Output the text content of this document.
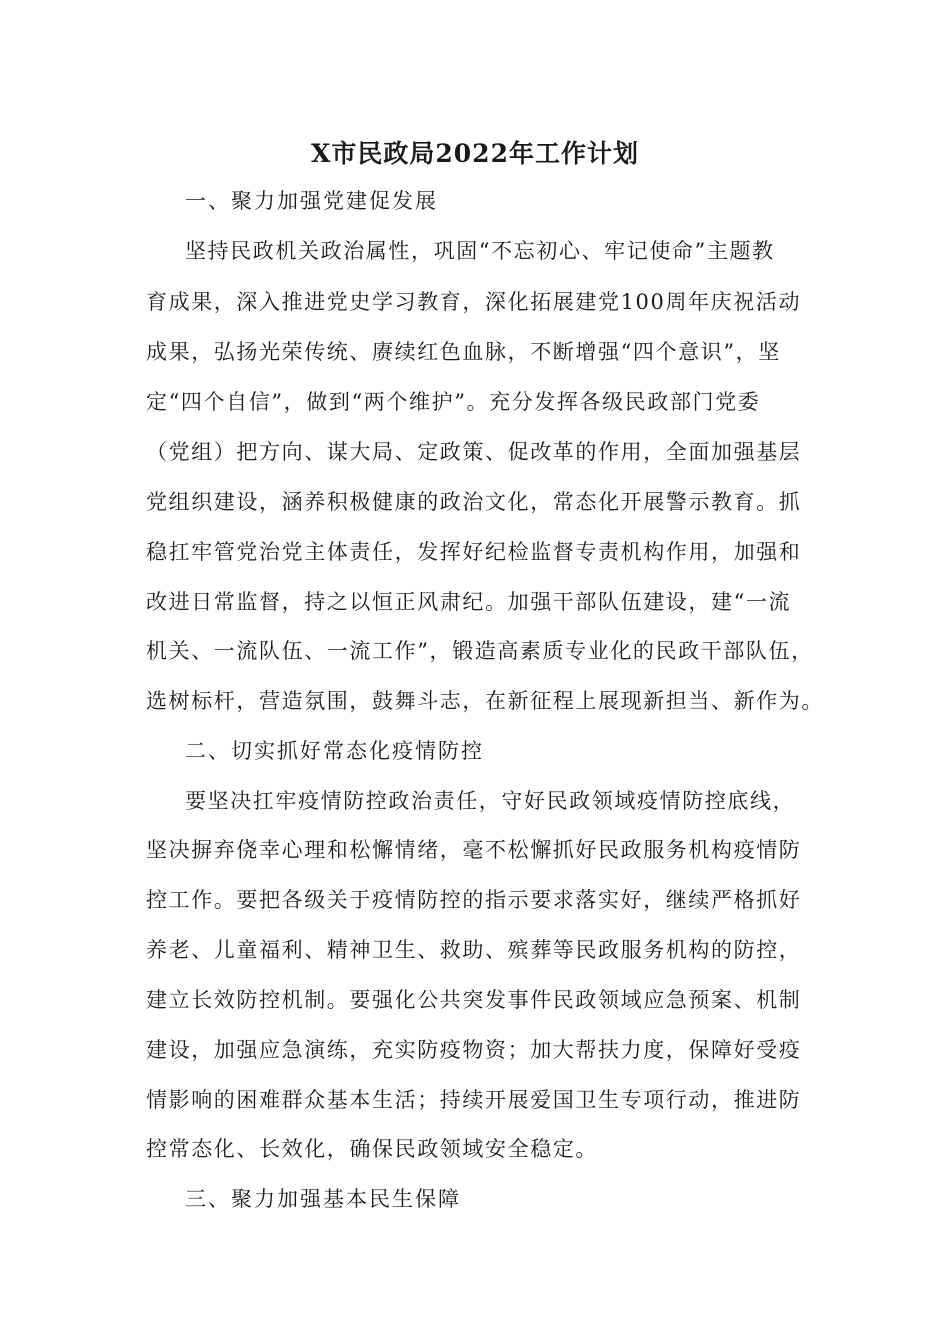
X市民政局2022年工作计划
一、聚力加强党建促发展
坚持民政机关政治属性，巩固“不忘初心、牢记使命”主题教
育成果，深入推进党史学习教育，深化拓展建党100周年庆祝活动
成果，弘扬光荣传统、赓续红色血脉，不断增强“四个意识”，坚
定“四个自信”，做到“两个维护”。充分发挥各级民政部门党委
（党组）把方向、谋大局、定政策、促改革的作用，全面加强基层
党组织建设，涵养积极健康的政治文化，常态化开展警示教育。抓
稳扛牢管党治党主体责任，发挥好纪检监督专责机构作用，加强和
改进日常监督，持之以恒正风肃纪。加强干部队伍建设，建“一流
机关、一流队伍、一流工作”，锻造高素质专业化的民政干部队伍，
选树标杆，营造氛围，鼓舞斗志，在新征程上展现新担当、新作为。
二、切实抓好常态化疫情防控
要坚决扛牢疫情防控政治责任，守好民政领域疫情防控底线，
坚决摒弃侥幸心理和松懈情绪，毫不松懈抓好民政服务机构疫情防
控工作。要把各级关于疫情防控的指示要求落实好，继续严格抓好
养老、儿童福利、精神卫生、救助、殡葬等民政服务机构的防控，
建立长效防控机制。要强化公共突发事件民政领域应急预案、机制
建设，加强应急演练，充实防疫物资；加大帮扶力度，保障好受疫
情影响的困难群众基本生活；持续开展爱国卫生专项行动，推进防
控常态化、长效化，确保民政领域安全稳定。
三、聚力加强基本民生保障
